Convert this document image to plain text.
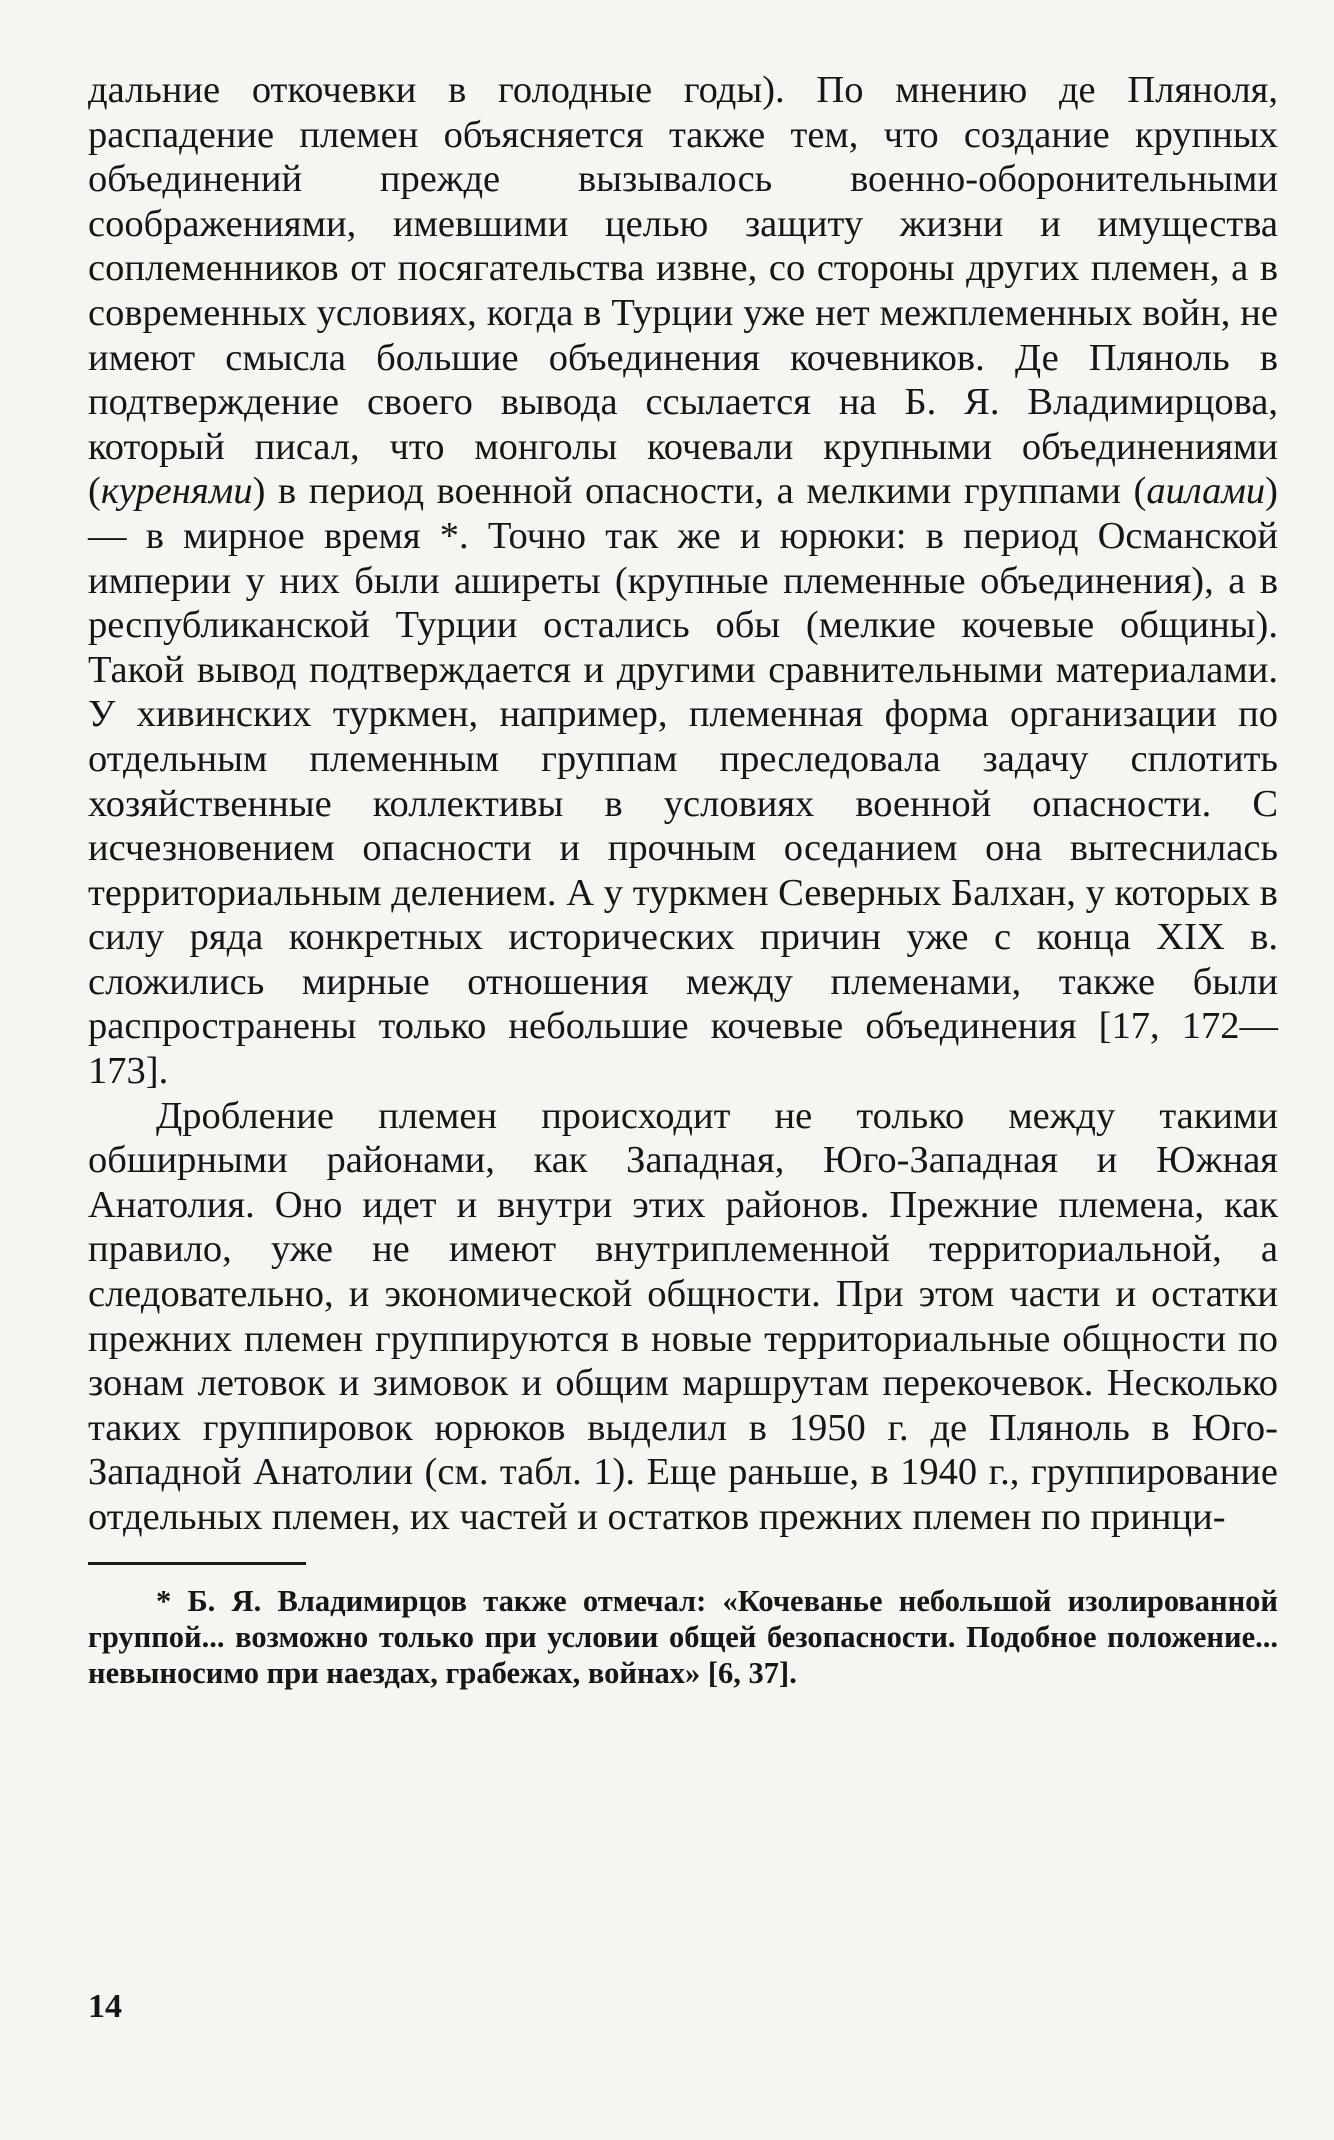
дальние откочевки в голодные годы). По мнению де Пляноля, распадение племен объясняется также тем, что создание крупных объединений прежде вызывалось военно-оборонительными соображениями, имевшими целью защиту жизни и имущества соплеменников от посягательства извне, со стороны других племен, а в современных условиях, когда в Турции уже нет межплеменных войн, не имеют смысла большие объединения кочевников. Де Пляноль в подтверждение своего вывода ссылается на Б. Я. Владимирцова, который писал, что монголы кочевали крупными объединениями (куренями) в период военной опасности, а мелкими группами (аилами) — в мирное время *. Точно так же и юрюки: в период Османской империи у них были аширеты (крупные племенные объединения), а в республиканской Турции остались обы (мелкие кочевые общины). Такой вывод подтверждается и другими сравнительными материалами. У хивинских туркмен, например, племенная форма организации по отдельным племенным группам преследовала задачу сплотить хозяйственные коллективы в условиях военной опасности. С исчезновением опасности и прочным оседанием она вытеснилась территориальным делением. А у туркмен Северных Балхан, у которых в силу ряда конкретных исторических причин уже с конца XIX в. сложились мирные отношения между племенами, также были распространены только небольшие кочевые объединения [17, 172—173].

Дробление племен происходит не только между такими обширными районами, как Западная, Юго-Западная и Южная Анатолия. Оно идет и внутри этих районов. Прежние племена, как правило, уже не имеют внутриплеменной территориальной, а следовательно, и экономической общности. При этом части и остатки прежних племен группируются в новые территориальные общности по зонам летовок и зимовок и общим маршрутам перекочевок. Несколько таких группировок юрюков выделил в 1950 г. де Пляноль в Юго-Западной Анатолии (см. табл. 1). Еще раньше, в 1940 г., группирование отдельных племен, их частей и остатков прежних племен по принци-

* Б. Я. Владимирцов также отмечал: «Кочеванье небольшой изолированной группой... возможно только при условии общей безопасности. Подобное положение... невыносимо при наездах, грабежах, войнах» [6, 37].

14
